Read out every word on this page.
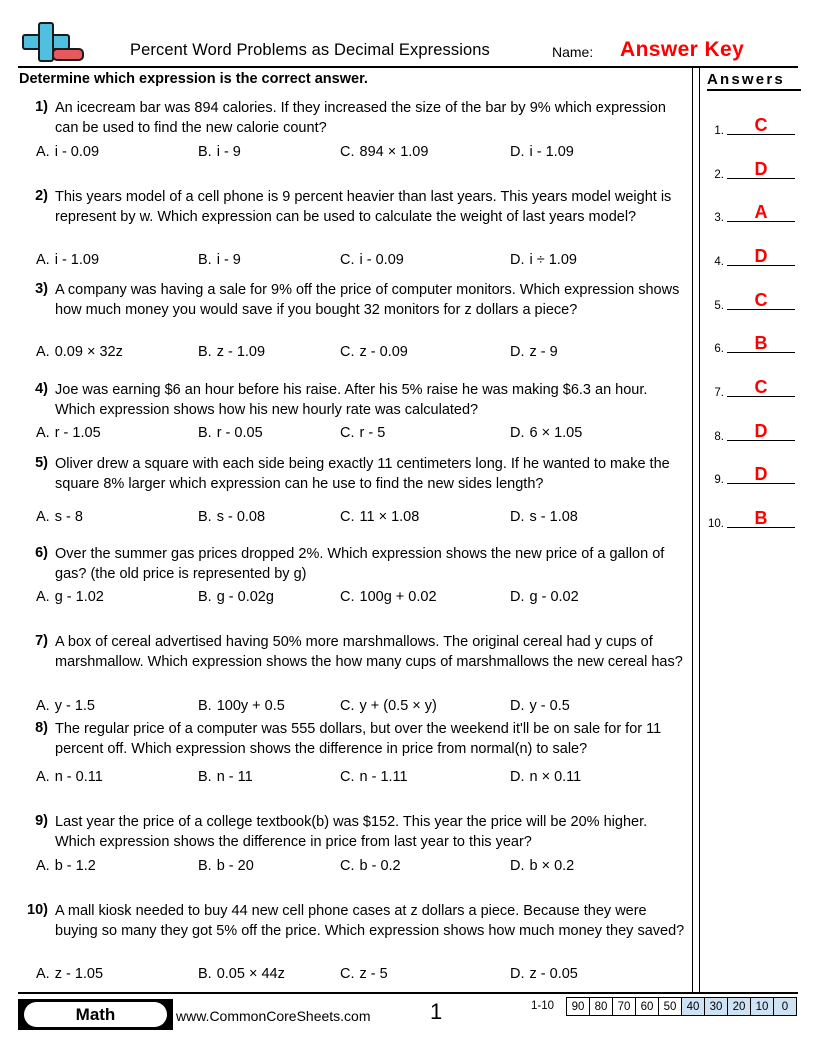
Percent Word Problems as Decimal Expressions	Name: Answer Key
Determine which expression is the correct answer.	Answers
1.	C
2.	D
3.	A
4.	D
5.	C
6.	B
7.	C
8.	D
9.	D
10.	B
1) An icecream bar was 894 calories. If they increased the size of the bar by 9% which expression can be used to find the new calorie count?
2) This years model of a cell phone is 9 percent heavier than last years. This years model weight is represent by w. Which expression can be used to calculate the weight of last years model?
3) A company was having a sale for 9% off the price of computer monitors. Which expression shows how much money you would save if you bought 32 monitors for z dollars a piece?
4) Joe was earning $6 an hour before his raise. After his 5% raise he was making $6.3 an hour. Which expression shows how his new hourly rate was calculated?
5) Oliver drew a square with each side being exactly 11 centimeters long. If he wanted to make the square 8% larger which expression can he use to find the new sides length?
6) Over the summer gas prices dropped 2%. Which expression shows the new price of a gallon of gas? (the old price is represented by g)
7) A box of cereal advertised having 50% more marshmallows. The original cereal had y cups of marshmallow. Which expression shows the how many cups of marshmallows the new cereal has?
8) The regular price of a computer was 555 dollars, but over the weekend it'll be on sale for for 11 percent off. Which expression shows the difference in price from normal(n) to sale?
9) Last year the price of a college textbook(b) was $152. This year the price will be 20% higher. Which expression shows the difference in price from last year to this year?
10) A mall kiosk needed to buy 44 new cell phone cases at z dollars a piece. Because they were buying so many they got 5% off the price. Which expression shows how much money they saved?
Math	www.CommonCoreSheets.com	1	1-10 90	80	70	60	50	40	30	20	10	0
A. i - 0.09	B. i - 9	C. 894 × 1.09	D. i - 1.09
A. i - 1.09	B. i - 9	C. i - 0.09	D. i ÷ 1.09
A. 0.09 × 32z	B. z - 1.09	C. z - 0.09	D. z - 9
A. r - 1.05	B. r - 0.05	C. r - 5	D. 6 × 1.05
A. s - 8	B. s - 0.08	C. 11 × 1.08	D. s - 1.08
A. g - 1.02	B. g - 0.02g	C. 100g + 0.02	D. g - 0.02
A. y - 1.5	B. 100y + 0.5	C. y + (0.5 × y)	D. y - 0.5
A. n - 0.11	B. n - 11	C. n - 1.11	D. n × 0.11
A. b - 1.2	B. b - 20	C. b - 0.2	D. b × 0.2
A. z - 1.05	B. 0.05 × 44z	C. z - 5	D. z - 0.05
